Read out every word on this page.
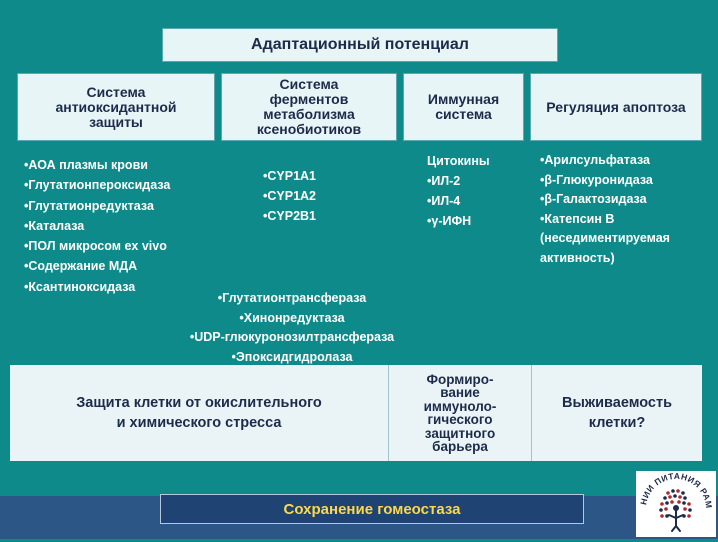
Адаптационный потенциал
Система
антиоксидантной
защиты
Система
ферментов
метаболизма
ксенобиотиков
Иммунная
система	Регуляция апоптоза
•АОА плазмы крови
•Глутатионпероксидаза
•Глутатионредуктаза
•Каталаза
•ПОЛ микросом ex vivo
•Содержание МДА
•Ксантиноксидаза
•CYP1A1
•CYP1A2
•CYP2B1
Цитокины
•ИЛ-2
•ИЛ-4
•γ-ИФН
•Арилсульфатаза
•β-Глюкуронидаза
•β-Галактозидаза
•Катепсин В
(неседиментируемая
активность)
•Глутатионтрансфераза
•Хинонредуктаза
•UDP-глюкуронозилтрансфераза
•Эпоксидгидролаза
Защита клетки от окислительного
и химического стресса
Формиро-
вание
иммуноло-
гического
защитного
барьера
Выживаемость
клетки?
Сохранение гомеостаза	НИИ ПИТАНИЯ РАМ
